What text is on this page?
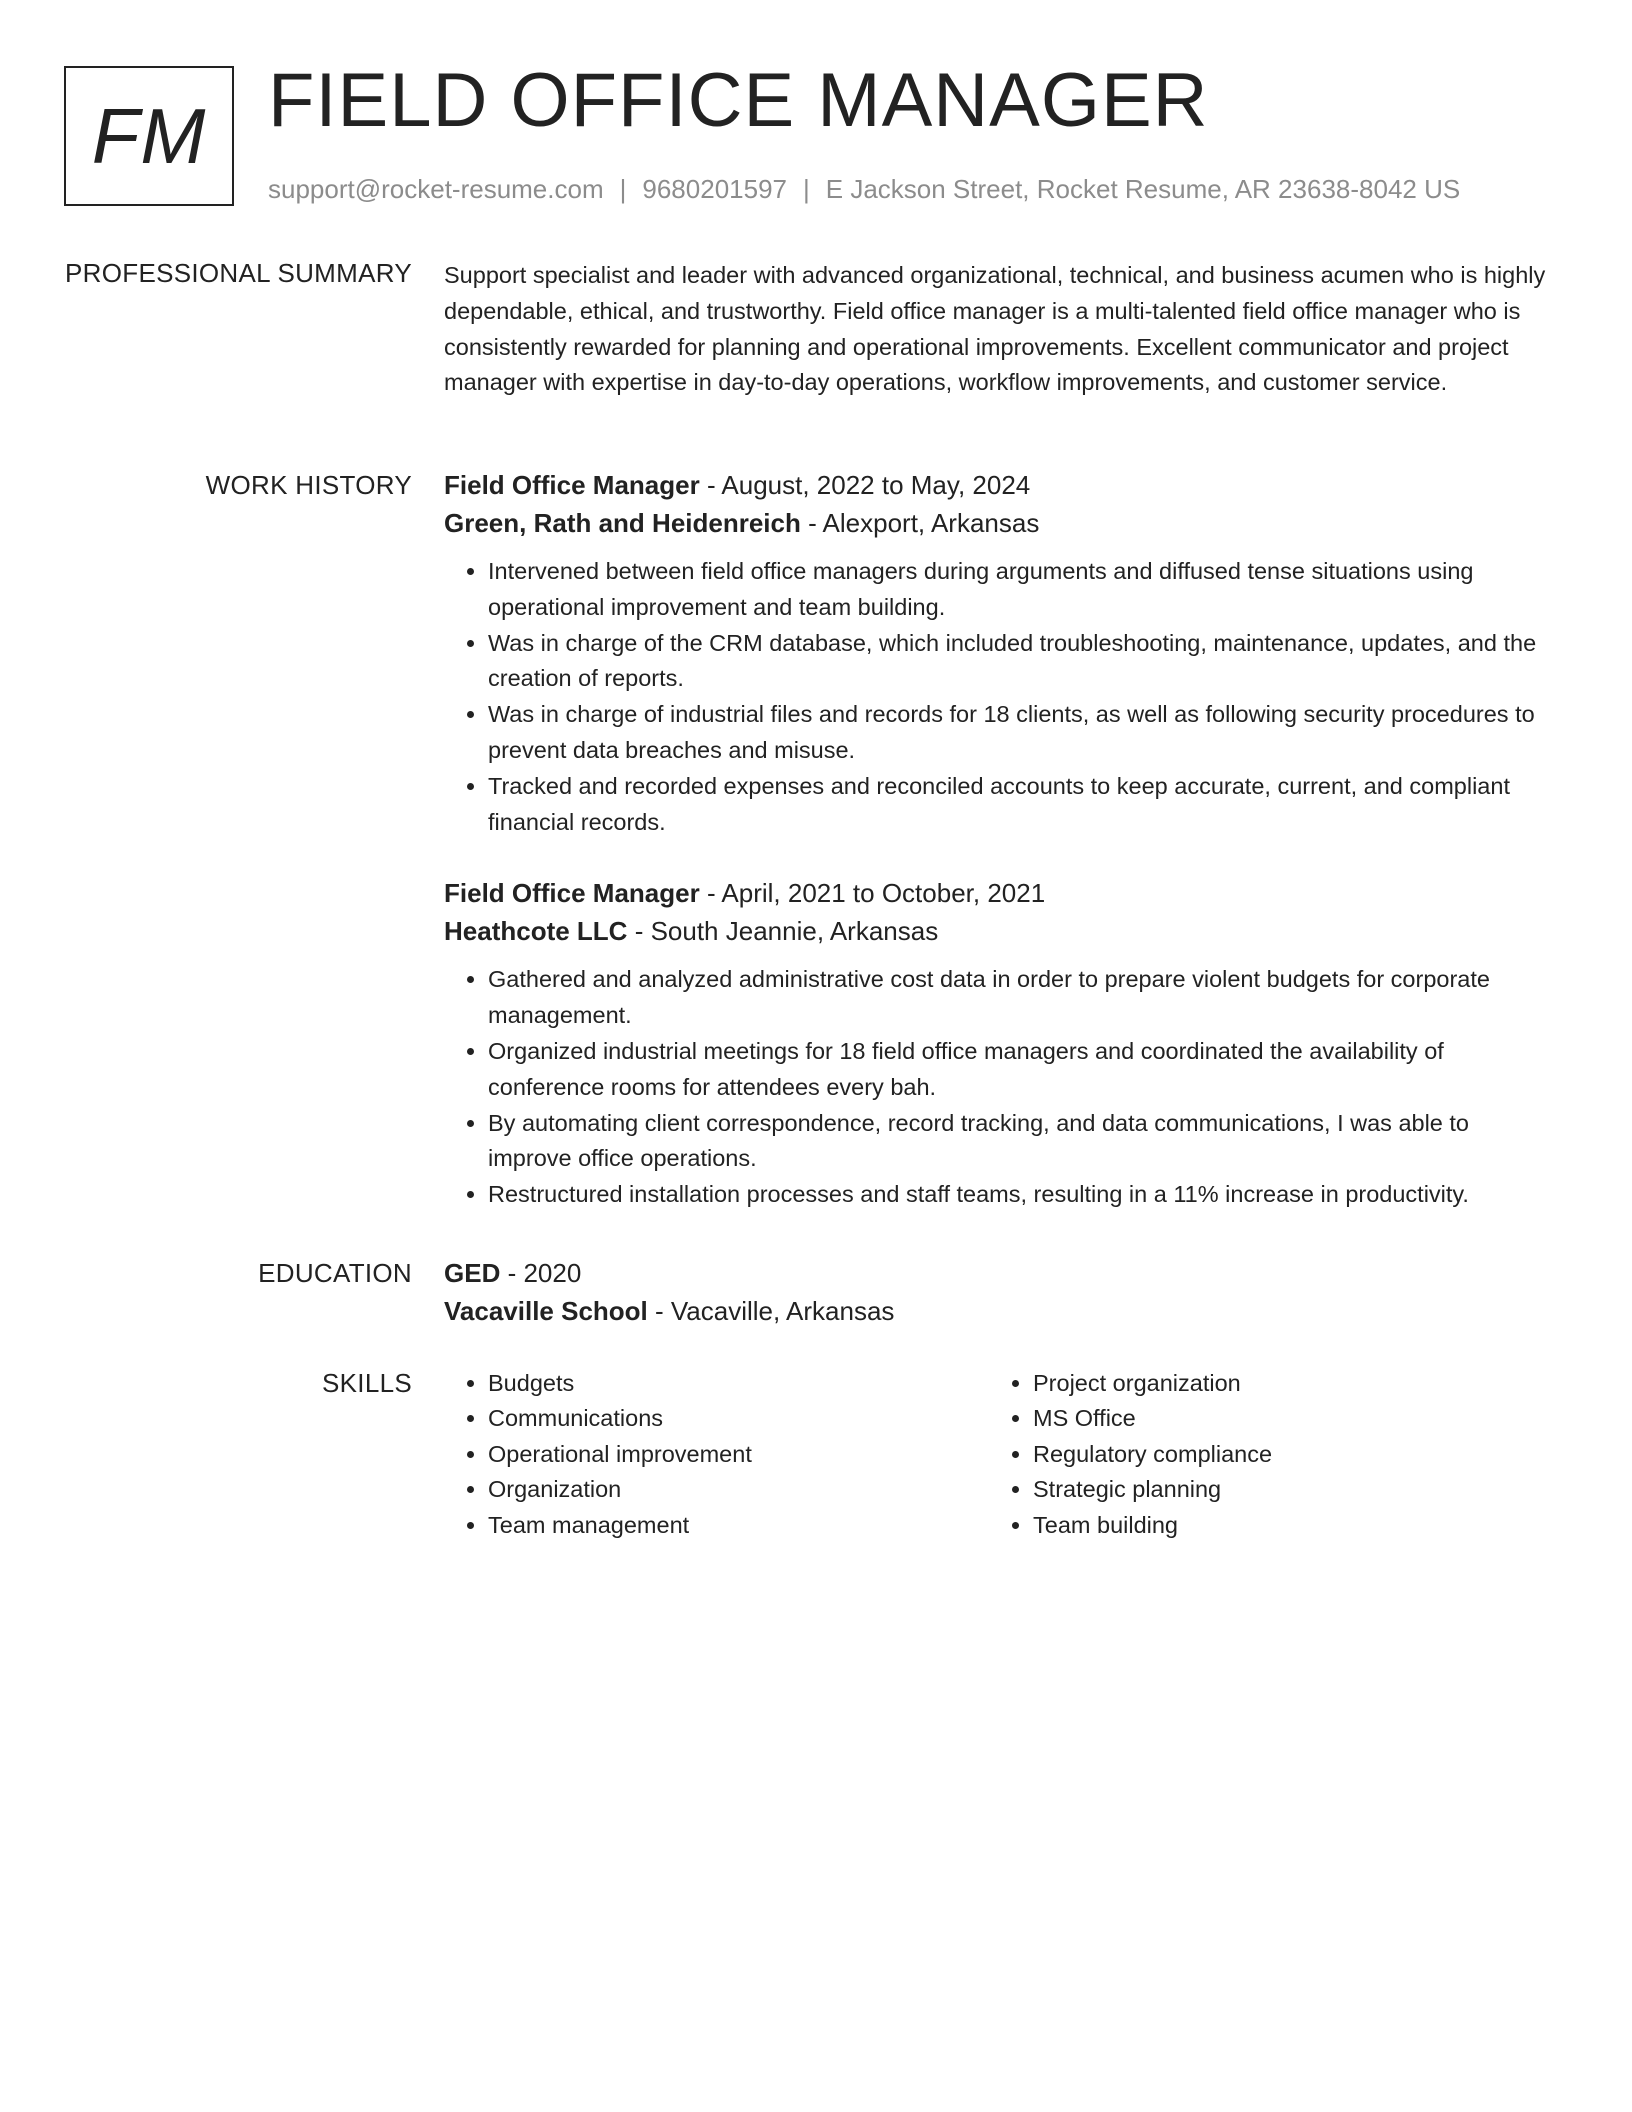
FM FIELD OFFICE MANAGER
support@rocket-resume.com | 9680201597 | E Jackson Street, Rocket Resume, AR 23638-8042 US
PROFESSIONAL SUMMARY Support specialist and leader with advanced organizational, technical, and business acumen who is highly dependable, ethical, and trustworthy. Field office manager is a multi-talented field office manager who is consistently rewarded for planning and operational improvements. Excellent communicator and project manager with expertise in day-to-day operations, workflow improvements, and customer service.

WORK HISTORY Field Office Manager - August, 2022 to May, 2024
Green, Rath and Heidenreich - Alexport, Arkansas
• Intervened between field office managers during arguments and diffused tense situations using operational improvement and team building.
• Was in charge of the CRM database, which included troubleshooting, maintenance, updates, and the creation of reports.
• Was in charge of industrial files and records for 18 clients, as well as following security procedures to prevent data breaches and misuse.
• Tracked and recorded expenses and reconciled accounts to keep accurate, current, and compliant financial records.
Field Office Manager - April, 2021 to October, 2021
Heathcote LLC - South Jeannie, Arkansas
• Gathered and analyzed administrative cost data in order to prepare violent budgets for corporate management.
• Organized industrial meetings for 18 field office managers and coordinated the availability of conference rooms for attendees every bah.
• By automating client correspondence, record tracking, and data communications, I was able to improve office operations.
• Restructured installation processes and staff teams, resulting in a 11% increase in productivity.
EDUCATION GED - 2020
Vacaville School - Vacaville, Arkansas
SKILLS
•	Budgets
• Communications
• Operational improvement
• Organization
• Team management
• Project organization
• MS Office
• Regulatory compliance
• Strategic planning
• Team building
